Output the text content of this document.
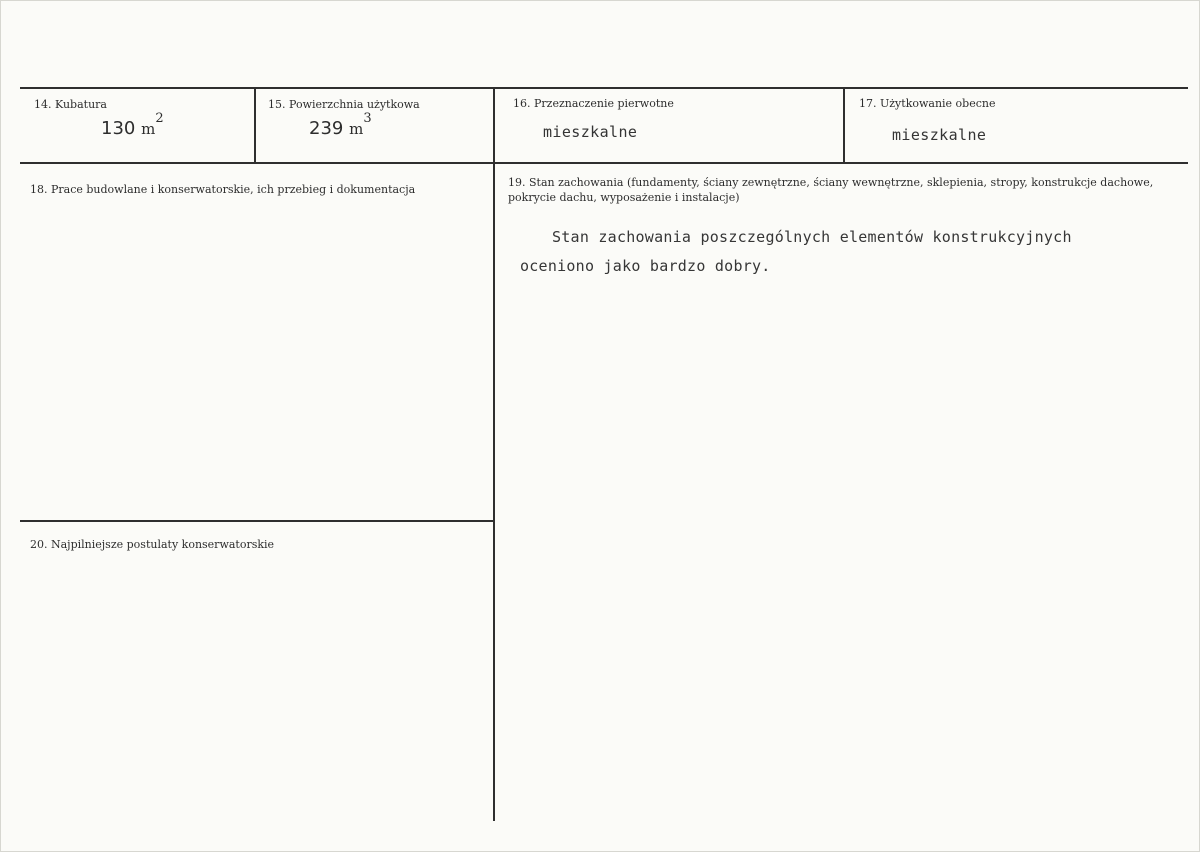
14. Kubatura
130 $m^2$
15. Powierzchnia użytkowa
239 $m^3$
16. Przeznaczenie pierwotne
mieszkalne
17. Użytkowanie obecne
mieszkalne
18. Prace budowlane i konserwatorskie, ich przebieg i dokumentacja
19. Stan zachowania (fundamenty, ściany zewnętrzne, ściany wewnętrzne, sklepienia, stropy, konstrukcje dachowe, pokrycie dachu, wyposażenie i instalacje)
Stan zachowania poszczególnych elementów konstrukcyjnych
oceniono jako bardzo dobry.
20. Najpilniejsze postulaty konserwatorskie
